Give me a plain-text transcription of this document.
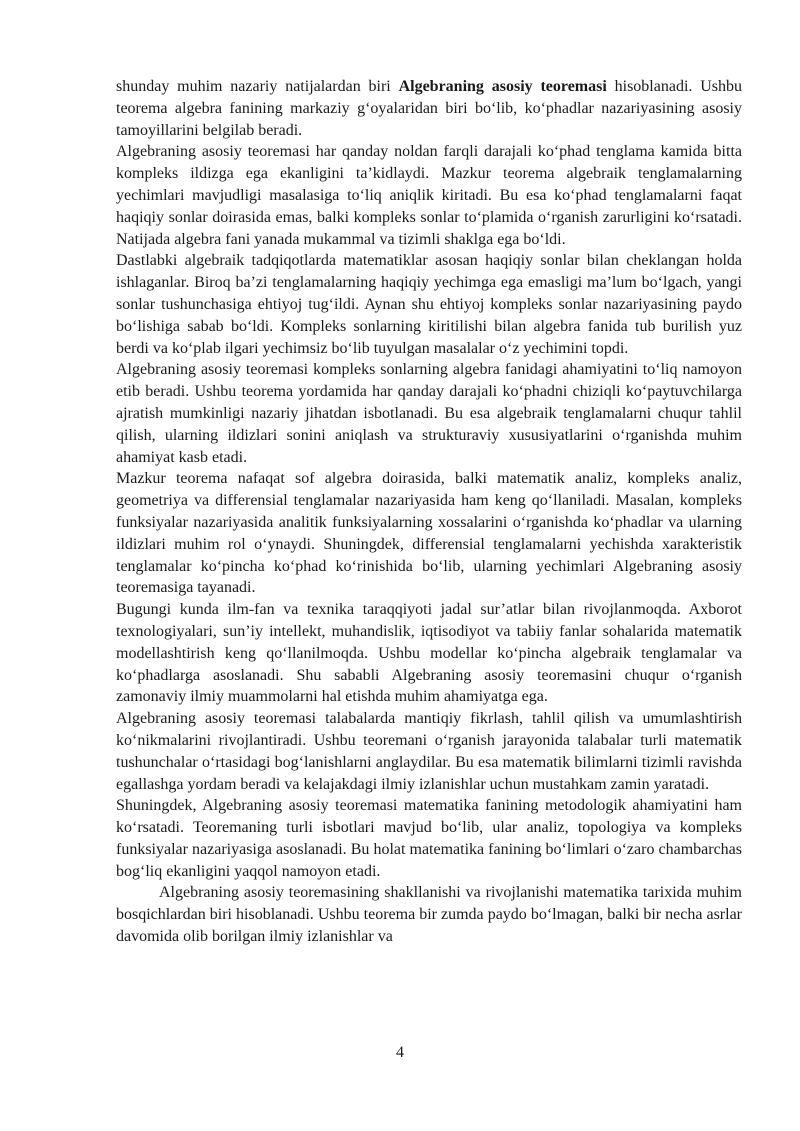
shunday muhim nazariy natijalardan biri Algebraning asosiy teoremasi hisoblanadi. Ushbu teorema algebra fanining markaziy g‘oyalaridan biri bo‘lib, ko‘phadlar nazariyasining asosiy tamoyillarini belgilab beradi.

Algebraning asosiy teoremasi har qanday noldan farqli darajali ko‘phad tenglama kamida bitta kompleks ildizga ega ekanligini ta’kidlaydi. Mazkur teorema algebraik tenglamalarning yechimlari mavjudligi masalasiga to‘liq aniqlik kiritadi. Bu esa ko‘phad tenglamalarni faqat haqiqiy sonlar doirasida emas, balki kompleks sonlar to‘plamida o‘rganish zarurligini ko‘rsatadi. Natijada algebra fani yanada mukammal va tizimli shaklga ega bo‘ldi.

Dastlabki algebraik tadqiqotlarda matematiklar asosan haqiqiy sonlar bilan cheklangan holda ishlaganlar. Biroq ba’zi tenglamalarning haqiqiy yechimga ega emasligi ma’lum bo‘lgach, yangi sonlar tushunchasiga ehtiyoj tug‘ildi. Aynan shu ehtiyoj kompleks sonlar nazariyasining paydo bo‘lishiga sabab bo‘ldi. Kompleks sonlarning kiritilishi bilan algebra fanida tub burilish yuz berdi va ko‘plab ilgari yechimsiz bo‘lib tuyulgan masalalar o‘z yechimini topdi.

Algebraning asosiy teoremasi kompleks sonlarning algebra fanidagi ahamiyatini to‘liq namoyon etib beradi. Ushbu teorema yordamida har qanday darajali ko‘phadni chiziqli ko‘paytuvchilarga ajratish mumkinligi nazariy jihatdan isbotlanadi. Bu esa algebraik tenglamalarni chuqur tahlil qilish, ularning ildizlari sonini aniqlash va strukturaviy xususiyatlarini o‘rganishda muhim ahamiyat kasb etadi.

Mazkur teorema nafaqat sof algebra doirasida, balki matematik analiz, kompleks analiz, geometriya va differensial tenglamalar nazariyasida ham keng qo‘llaniladi. Masalan, kompleks funksiyalar nazariyasida analitik funksiyalarning xossalarini o‘rganishda ko‘phadlar va ularning ildizlari muhim rol o‘ynaydi. Shuningdek, differensial tenglamalarni yechishda xarakteristik tenglamalar ko‘pincha ko‘phad ko‘rinishida bo‘lib, ularning yechimlari Algebraning asosiy teoremasiga tayanadi.

Bugungi kunda ilm-fan va texnika taraqqiyoti jadal sur’atlar bilan rivojlanmoqda. Axborot texnologiyalari, sun’iy intellekt, muhandislik, iqtisodiyot va tabiiy fanlar sohalarida matematik modellashtirish keng qo‘llanilmoqda. Ushbu modellar ko‘pincha algebraik tenglamalar va ko‘phadlarga asoslanadi. Shu sababli Algebraning asosiy teoremasini chuqur o‘rganish zamonaviy ilmiy muammolarni hal etishda muhim ahamiyatga ega.

Algebraning asosiy teoremasi talabalarda mantiqiy fikrlash, tahlil qilish va umumlashtirish ko‘nikmalarini rivojlantiradi. Ushbu teoremani o‘rganish jarayonida talabalar turli matematik tushunchalar o‘rtasidagi bog‘lanishlarni anglaydilar. Bu esa matematik bilimlarni tizimli ravishda egallashga yordam beradi va kelajakdagi ilmiy izlanishlar uchun mustahkam zamin yaratadi.

Shuningdek, Algebraning asosiy teoremasi matematika fanining metodologik ahamiyatini ham ko‘rsatadi. Teoremaning turli isbotlari mavjud bo‘lib, ular analiz, topologiya va kompleks funksiyalar nazariyasiga asoslanadi. Bu holat matematika fanining bo‘limlari o‘zaro chambarchas bog‘liq ekanligini yaqqol namoyon etadi.

Algebraning asosiy teoremasining shakllanishi va rivojlanishi matematika tarixida muhim bosqichlardan biri hisoblanadi. Ushbu teorema bir zumda paydo bo‘lmagan, balki bir necha asrlar davomida olib borilgan ilmiy izlanishlar va

4
